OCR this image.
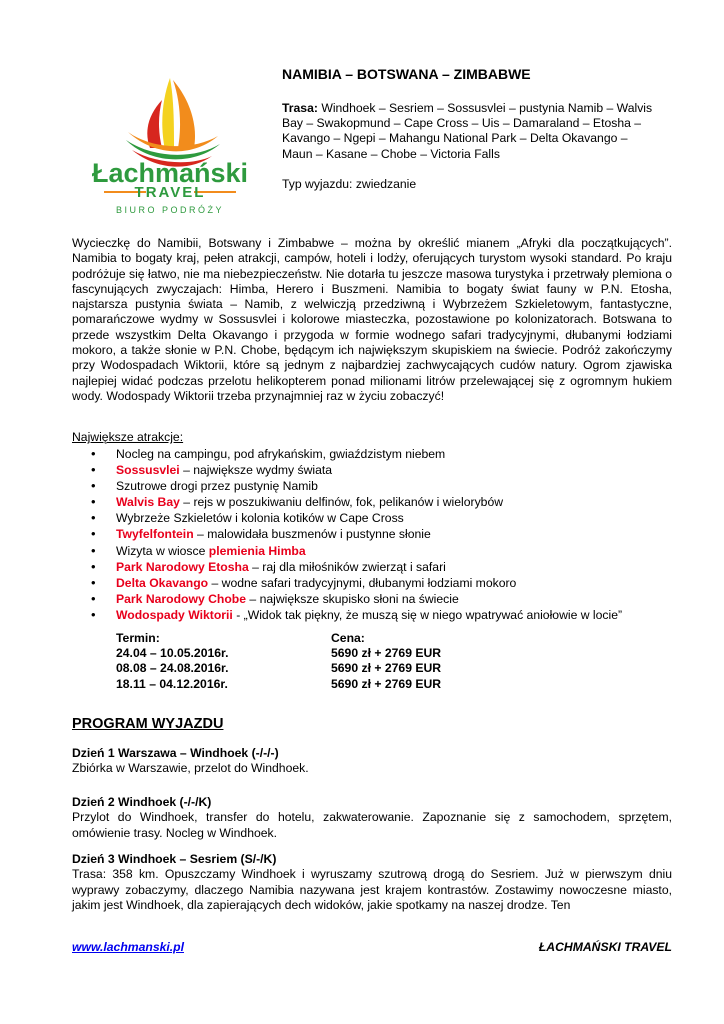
Łachmański
TRAVEL
BIURO PODRÓŻY
NAMIBIA – BOTSWANA – ZIMBABWE
Trasa: Windhoek – Sesriem – Sossusvlei – pustynia Namib – Walvis
Bay – Swakopmund – Cape Cross – Uis – Damaraland – Etosha –
Kavango – Ngepi – Mahangu National Park – Delta Okavango –
Maun – Kasane – Chobe – Victoria Falls
Typ wyjazdu: zwiedzanie
Wycieczkę do Namibii, Botswany i Zimbabwe – można by określić mianem „Afryki dla początkujących”. Namibia to bogaty kraj, pełen atrakcji, campów, hoteli i lodży, oferujących turystom wysoki standard. Po kraju podróżuje się łatwo, nie ma niebezpieczeństw. Nie dotarła tu jeszcze masowa turystyka i przetrwały plemiona o fascynujących zwyczajach: Himba, Herero i Buszmeni. Namibia to bogaty świat fauny w P.N. Etosha, najstarsza pustynia świata – Namib, z welwiczją przedziwną i Wybrzeżem Szkieletowym, fantastyczne, pomarańczowe wydmy w Sossusvlei i kolorowe miasteczka, pozostawione po kolonizatorach. Botswana to przede wszystkim Delta Okavango i przygoda w formie wodnego safari tradycyjnymi, dłubanymi łodziami mokoro, a także słonie w P.N. Chobe, będącym ich największym skupiskiem na świecie. Podróż zakończymy przy Wodospadach Wiktorii, które są jednym z najbardziej zachwycających cudów natury. Ogrom zjawiska najlepiej widać podczas przelotu helikopterem ponad milionami litrów przelewającej się z ogromnym hukiem wody. Wodospady Wiktorii trzeba przynajmniej raz w życiu zobaczyć!
Największe atrakcje:
• Nocleg na campingu, pod afrykańskim, gwiaździstym niebem
• Sossusvlei – największe wydmy świata
• Szutrowe drogi przez pustynię Namib
• Walvis Bay – rejs w poszukiwaniu delfinów, fok, pelikanów i wielorybów
• Wybrzeże Szkieletów i kolonia kotików w Cape Cross
• Twyfelfontein – malowidała buszmenów i pustynne słonie
• Wizyta w wiosce plemienia Himba
• Park Narodowy Etosha – raj dla miłośników zwierząt i safari
• Delta Okavango – wodne safari tradycyjnymi, dłubanymi łodziami mokoro
• Park Narodowy Chobe – największe skupisko słoni na świecie
• Wodospady Wiktorii - „Widok tak piękny, że muszą się w niego wpatrywać aniołowie w locie”
Termin:
24.04 – 10.05.2016r.
08.08 – 24.08.2016r.
18.11 – 04.12.2016r.
Cena:
5690 zł + 2769 EUR
5690 zł + 2769 EUR
5690 zł + 2769 EUR
PROGRAM WYJAZDU
Dzień 1 Warszawa – Windhoek (-/-/-)
Zbiórka w Warszawie, przelot do Windhoek.
Dzień 2 Windhoek (-/-/K)
Przylot do Windhoek, transfer do hotelu, zakwaterowanie. Zapoznanie się z samochodem, sprzętem, omówienie trasy. Nocleg w Windhoek.
Dzień 3 Windhoek – Sesriem (S/-/K)
Trasa: 358 km. Opuszczamy Windhoek i wyruszamy szutrową drogą do Sesriem. Już w pierwszym dniu wyprawy zobaczymy, dlaczego Namibia nazywana jest krajem kontrastów. Zostawimy nowoczesne miasto, jakim jest Windhoek, dla zapierających dech widoków, jakie spotkamy na naszej drodze. Ten
www.lachmanski.pl	ŁACHMAŃSKI TRAVEL
